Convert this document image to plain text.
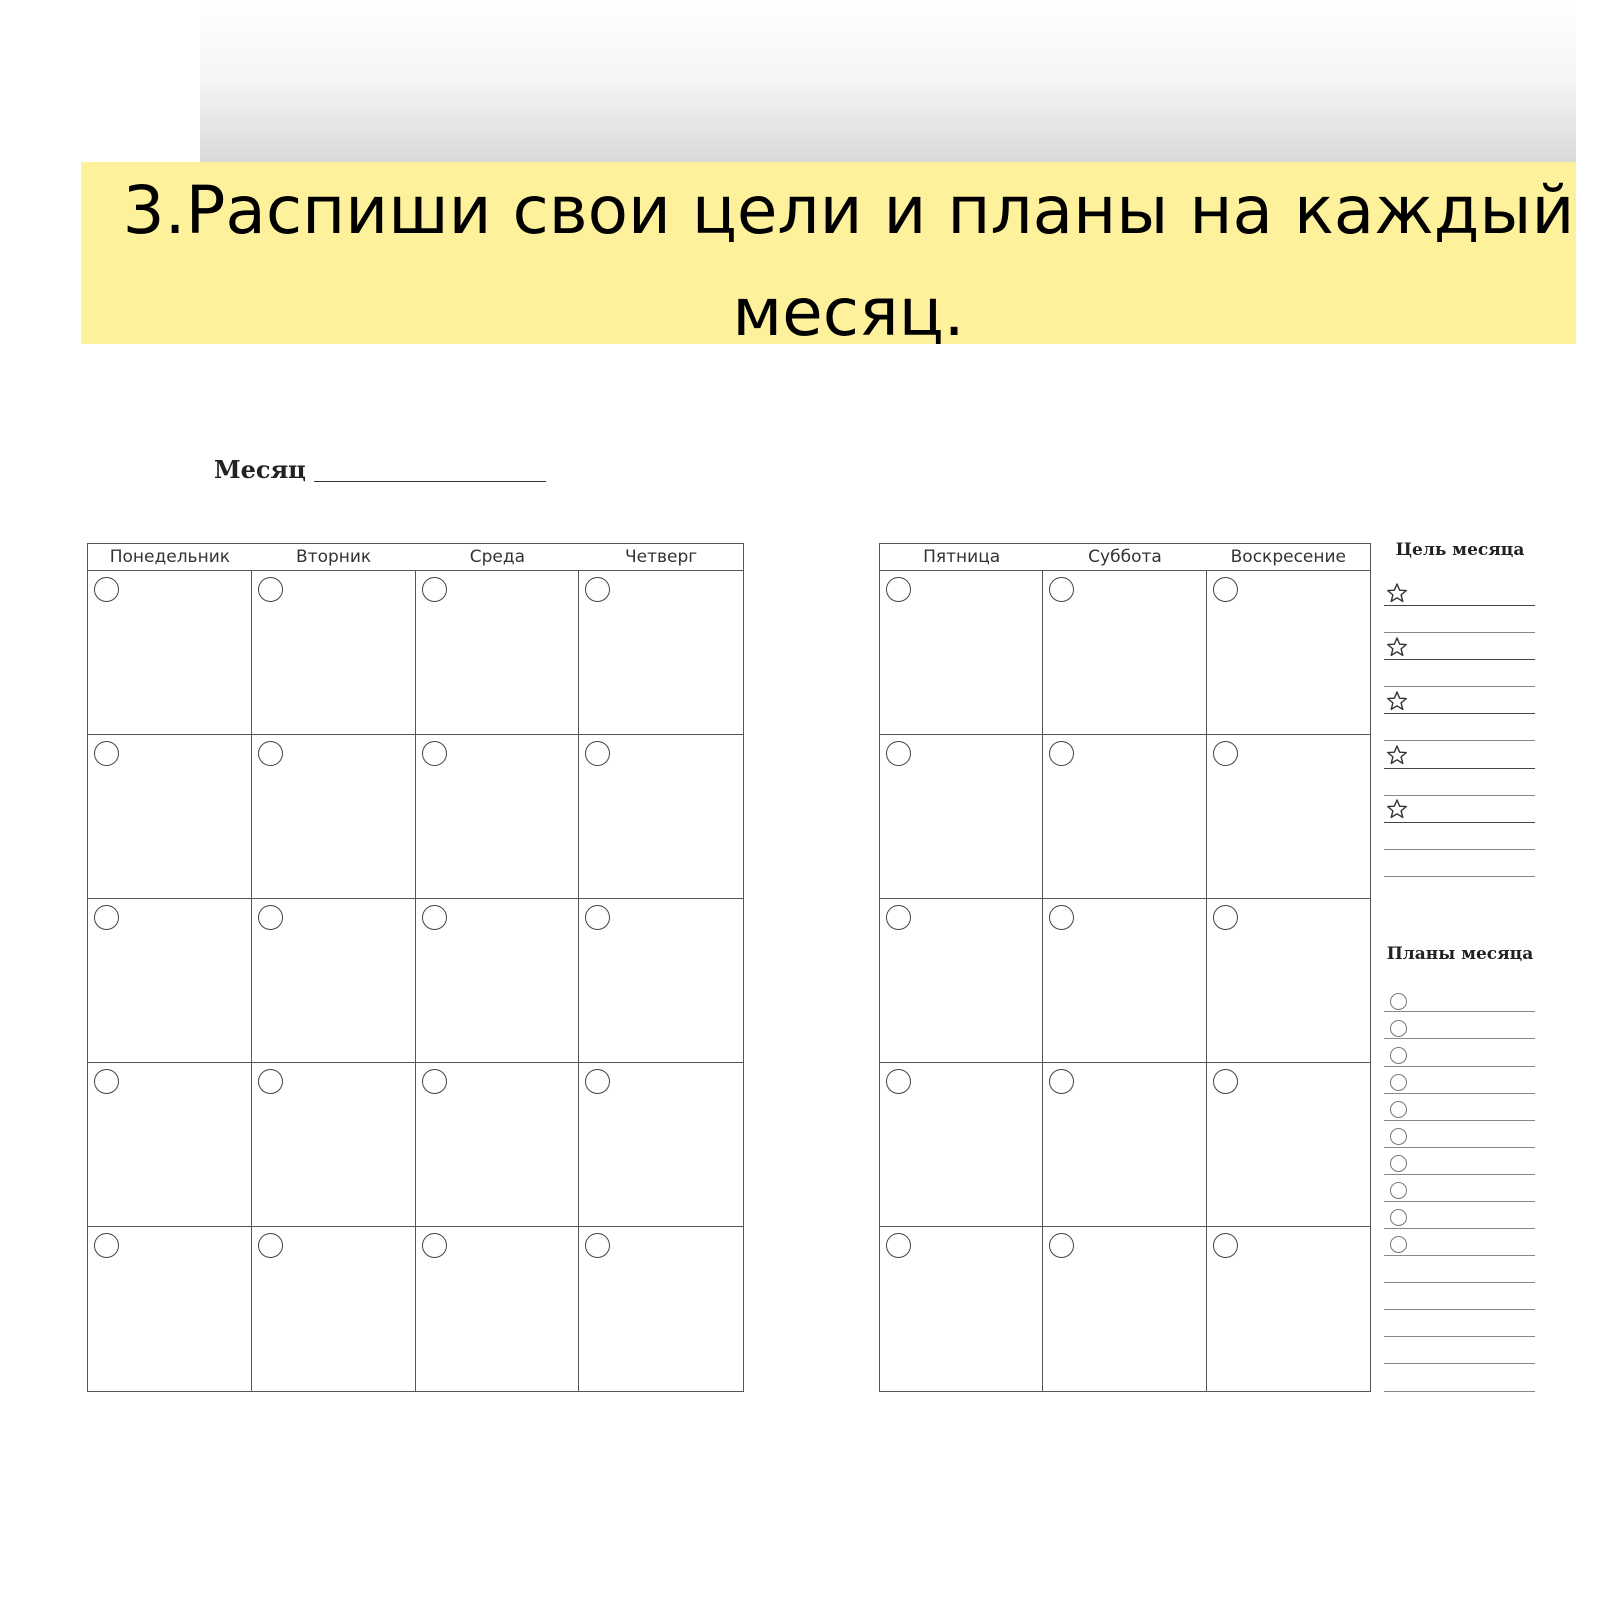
3.Распиши свои цели и планы на каждый месяц.
Месяц
Понедельник	Вторник	Среда	Четверг	Пятница	Суббота	Воскресение	Цель месяца
Планы месяца
